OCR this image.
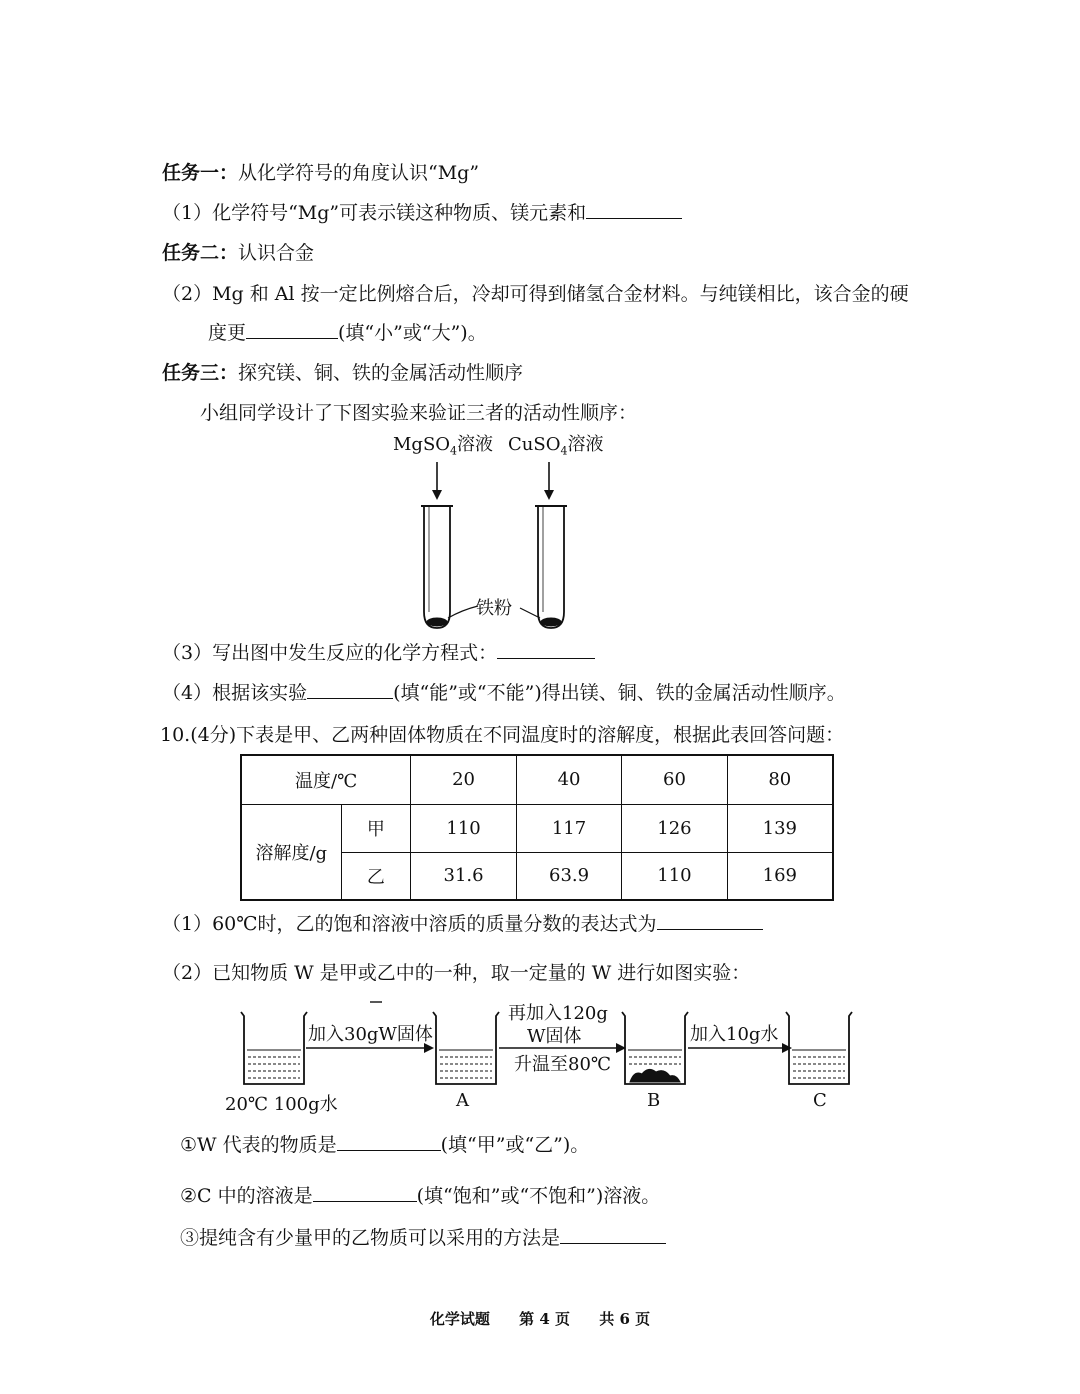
任务一：从化学符号的角度认识“Mg”
（1）化学符号“Mg”可表示镁这种物质、镁元素和
任务二：认识合金
（2）Mg 和 Al 按一定比例熔合后，冷却可得到储氢合金材料。与纯镁相比，该合金的硬
度更	(填“小”或“大”)。
任务三：探究镁、铜、铁的金属活动性顺序
小组同学设计了下图实验来验证三者的活动性顺序：
MgSO$_4$溶液 CuSO$_4$溶液
铁粉
（3）写出图中发生反应的化学方程式：
（4）根据该实验	(填“能”或“不能”)得出镁、铜、铁的金属活动性顺序。
10.(4分)下表是甲、乙两种固体物质在不同温度时的溶解度，根据此表回答问题：
温度/℃		20	40	60	80
溶解度/g	甲	110	117	126	139
	乙	31.6	63.9	110	169
（1）60℃时，乙的饱和溶液中溶质的质量分数的表达式为
（2）已知物质 W 是甲或乙中的一种，取一定量的 W 进行如图实验：
加入30gW固体
再加入120g
W固体
升温至80℃
加入10g水
20℃ 100g水	A	B	C
①W 代表的物质是	(填“甲”或“乙”)。
②C 中的溶液是	(填“饱和”或“不饱和”)溶液。
③提纯含有少量甲的乙物质可以采用的方法是
化学试题 第 4 页 共 6 页
